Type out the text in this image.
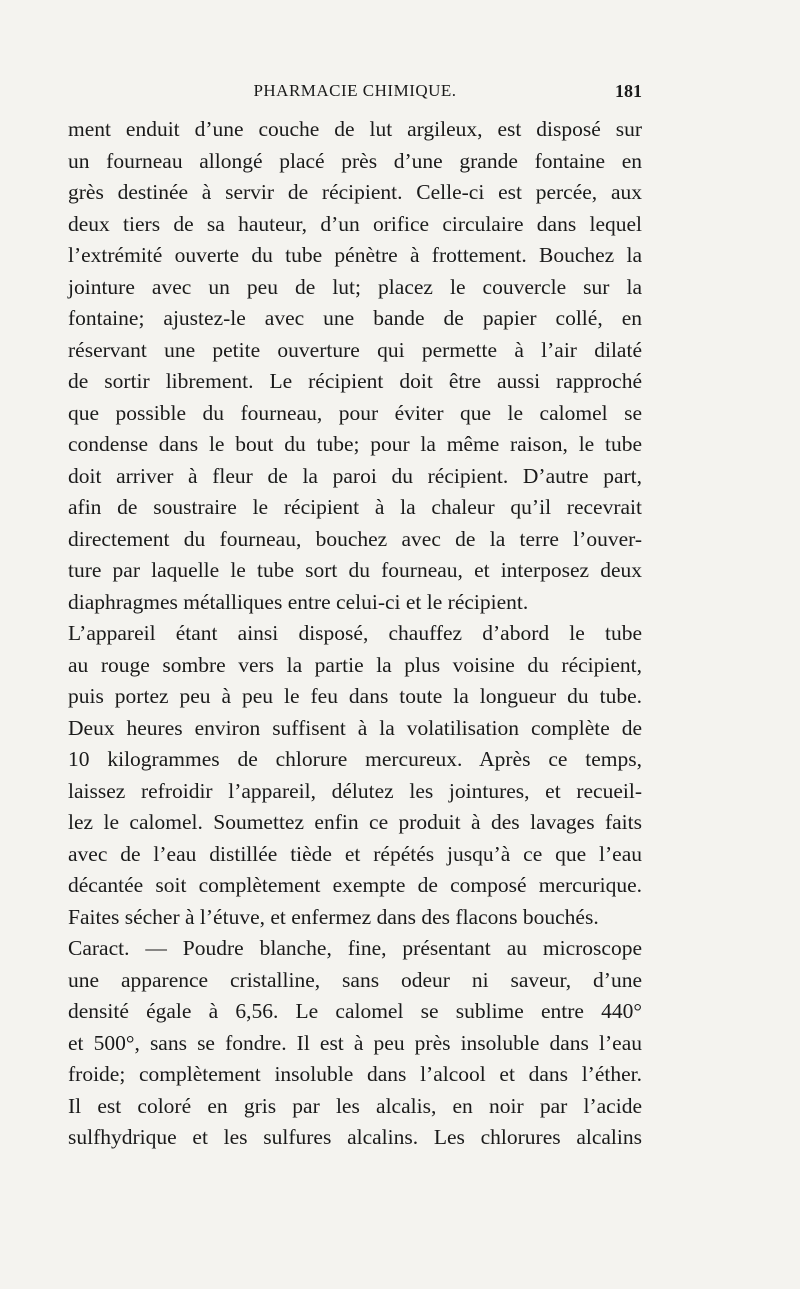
PHARMACIE CHIMIQUE.	181
ment enduit d’une couche de lut argileux, est disposé sur
un fourneau allongé placé près d’une grande fontaine en
grès destinée à servir de récipient. Celle-ci est percée, aux
deux tiers de sa hauteur, d’un orifice circulaire dans lequel
l’extrémité ouverte du tube pénètre à frottement. Bouchez la
jointure avec un peu de lut; placez le couvercle sur la
fontaine; ajustez-le avec une bande de papier collé, en
réservant une petite ouverture qui permette à l’air dilaté
de sortir librement. Le récipient doit être aussi rapproché
que possible du fourneau, pour éviter que le calomel se
condense dans le bout du tube; pour la même raison, le tube
doit arriver à fleur de la paroi du récipient. D’autre part,
afin de soustraire le récipient à la chaleur qu’il recevrait
directement du fourneau, bouchez avec de la terre l’ouver-
ture par laquelle le tube sort du fourneau, et interposez deux
diaphragmes métalliques entre celui-ci et le récipient.
L’appareil étant ainsi disposé, chauffez d’abord le tube
au rouge sombre vers la partie la plus voisine du récipient,
puis portez peu à peu le feu dans toute la longueur du tube.
Deux heures environ suffisent à la volatilisation complète de
10 kilogrammes de chlorure mercureux. Après ce temps,
laissez refroidir l’appareil, délutez les jointures, et recueil-
lez le calomel. Soumettez enfin ce produit à des lavages faits
avec de l’eau distillée tiède et répétés jusqu’à ce que l’eau
décantée soit complètement exempte de composé mercurique.
Faites sécher à l’étuve, et enfermez dans des flacons bouchés.
Caract. — Poudre blanche, fine, présentant au microscope
une apparence cristalline, sans odeur ni saveur, d’une
densité égale à 6,56. Le calomel se sublime entre 440°
et 500°, sans se fondre. Il est à peu près insoluble dans l’eau
froide; complètement insoluble dans l’alcool et dans l’éther.
Il est coloré en gris par les alcalis, en noir par l’acide
sulfhydrique et les sulfures alcalins. Les chlorures alcalins
